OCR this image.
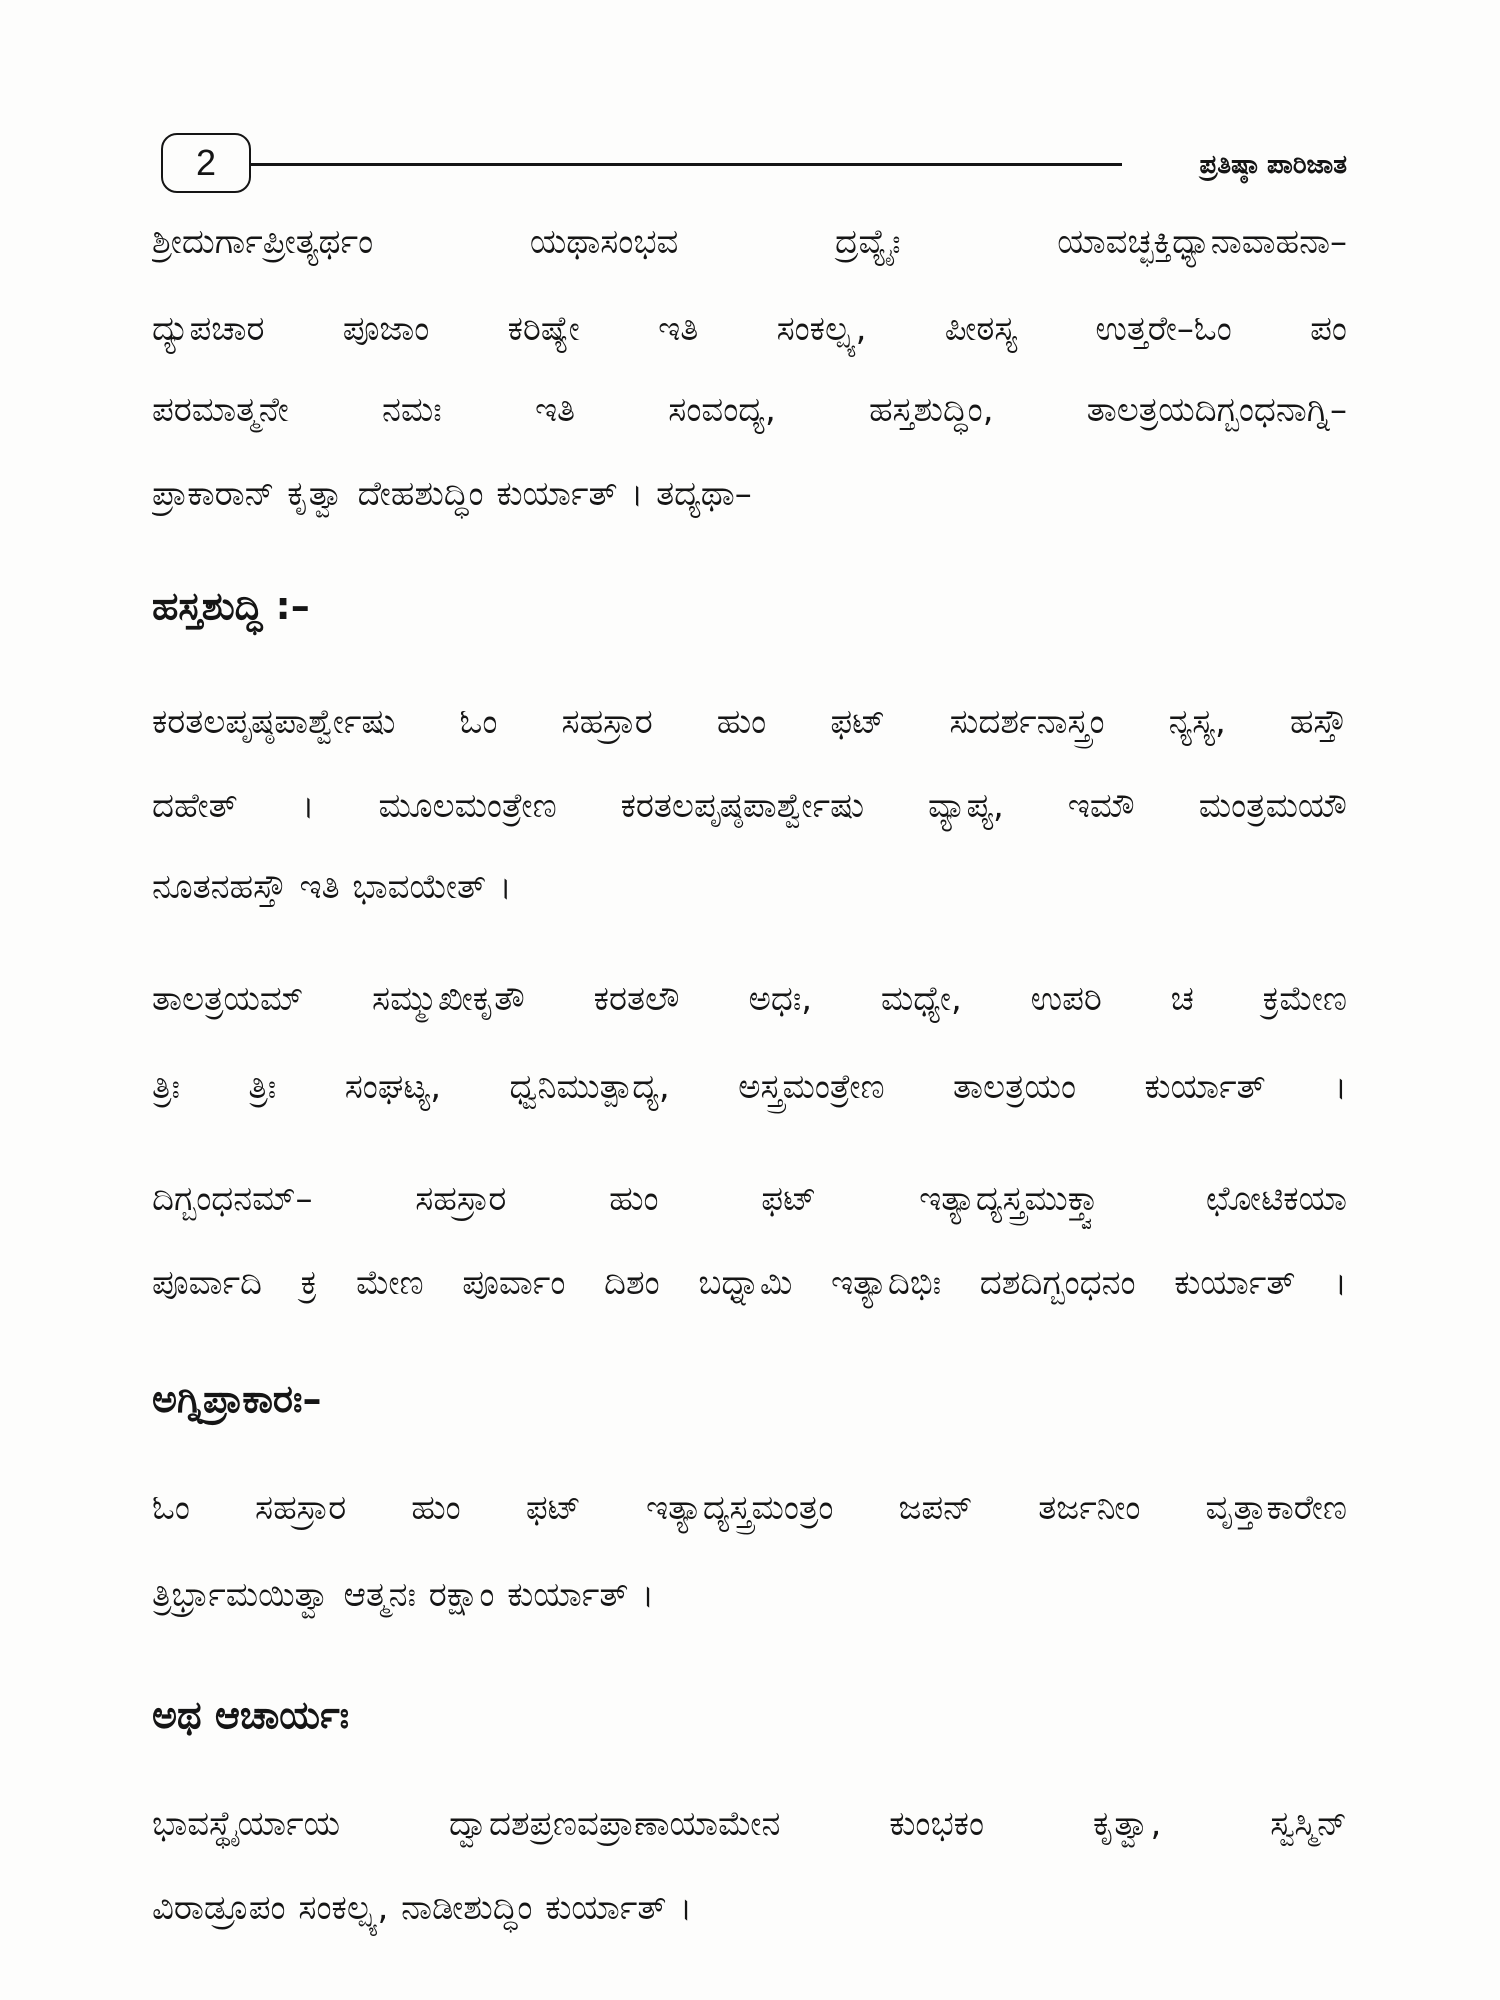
2	ಪ್ರತಿಷ್ಠಾ ಪಾರಿಜಾತ
ಶ್ರೀದುರ್ಗಾಪ್ರೀತ್ಯರ್ಥಂ ಯಥಾಸಂಭವ ದ್ರವ್ಯೈಃ ಯಾವಚ್ಛಕ್ತಿಧ್ಯಾನಾವಾಹನಾ–
ದ್ಯುಪಚಾರ ಪೂಜಾಂ ಕರಿಷ್ಯೇ ಇತಿ ಸಂಕಲ್ಪ್ಯ, ಪೀಠಸ್ಯ ಉತ್ತರೇ–ಓಂ ಪಂ
ಪರಮಾತ್ಮನೇ ನಮಃ ಇತಿ ಸಂವಂದ್ಯ, ಹಸ್ತಶುದ್ಧಿಂ, ತಾಲತ್ರಯದಿಗ್ಬಂಧನಾಗ್ನಿ–
ಪ್ರಾಕಾರಾನ್ ಕೃತ್ವಾ ದೇಹಶುದ್ಧಿಂ ಕುರ್ಯಾತ್ । ತದ್ಯಥಾ–
ಹಸ್ತಶುದ್ಧಿ :–
ಕರತಲಪೃಷ್ಠಪಾರ್ಶ್ವೇಷು ಓಂ ಸಹಸ್ರಾರ ಹುಂ ಫಟ್ ಸುದರ್ಶನಾಸ್ತ್ರಂ ನ್ಯಸ್ಯ, ಹಸ್ತೌ
ದಹೇತ್ । ಮೂಲಮಂತ್ರೇಣ ಕರತಲಪೃಷ್ಠಪಾರ್ಶ್ವೇಷು ವ್ಯಾಪ್ಯ, ಇಮೌ ಮಂತ್ರಮಯೌ
ನೂತನಹಸ್ತೌ ಇತಿ ಭಾವಯೇತ್ ।
ತಾಲತ್ರಯಮ್ ಸಮ್ಮುಖೀಕೃತೌ ಕರತಲೌ ಅಧಃ, ಮಧ್ಯೇ, ಉಪರಿ ಚ ಕ್ರಮೇಣ
ತ್ರಿಃ ತ್ರಿಃ ಸಂಘಟ್ಯ, ಧ್ವನಿಮುತ್ಪಾದ್ಯ, ಅಸ್ತ್ರಮಂತ್ರೇಣ ತಾಲತ್ರಯಂ ಕುರ್ಯಾತ್ ।
ದಿಗ್ಬಂಧನಮ್– ಸಹಸ್ರಾರ ಹುಂ ಫಟ್ ಇತ್ಯಾದ್ಯಸ್ತ್ರಮುಕ್ತ್ವಾ ಛೋಟಿಕಯಾ
ಪೂರ್ವಾದಿ ಕ್ರ ಮೇಣ ಪೂರ್ವಾಂ ದಿಶಂ ಬಧ್ನಾಮಿ ಇತ್ಯಾದಿಭಿಃ ದಶದಿಗ್ಬಂಧನಂ ಕುರ್ಯಾತ್ ।
ಅಗ್ನಿಪ್ರಾಕಾರಃ–
ಓಂ ಸಹಸ್ರಾರ ಹುಂ ಫಟ್ ಇತ್ಯಾದ್ಯಸ್ತ್ರಮಂತ್ರಂ ಜಪನ್ ತರ್ಜನೀಂ ವೃತ್ತಾಕಾರೇಣ
ತ್ರಿರ್ಭ್ರಾಮಯಿತ್ವಾ ಆತ್ಮನಃ ರಕ್ಷಾಂ ಕುರ್ಯಾತ್ ।
ಅಥ ಆಚಾರ್ಯಃ
ಭಾವಸ್ಥೈರ್ಯಾಯ ದ್ವಾದಶಪ್ರಣವಪ್ರಾಣಾಯಾಮೇನ ಕುಂಭಕಂ ಕೃತ್ವಾ, ಸ್ವಸ್ಮಿನ್
ವಿರಾಡ್ರೂಪಂ ಸಂಕಲ್ಪ್ಯ, ನಾಡೀಶುದ್ಧಿಂ ಕುರ್ಯಾತ್ ।
